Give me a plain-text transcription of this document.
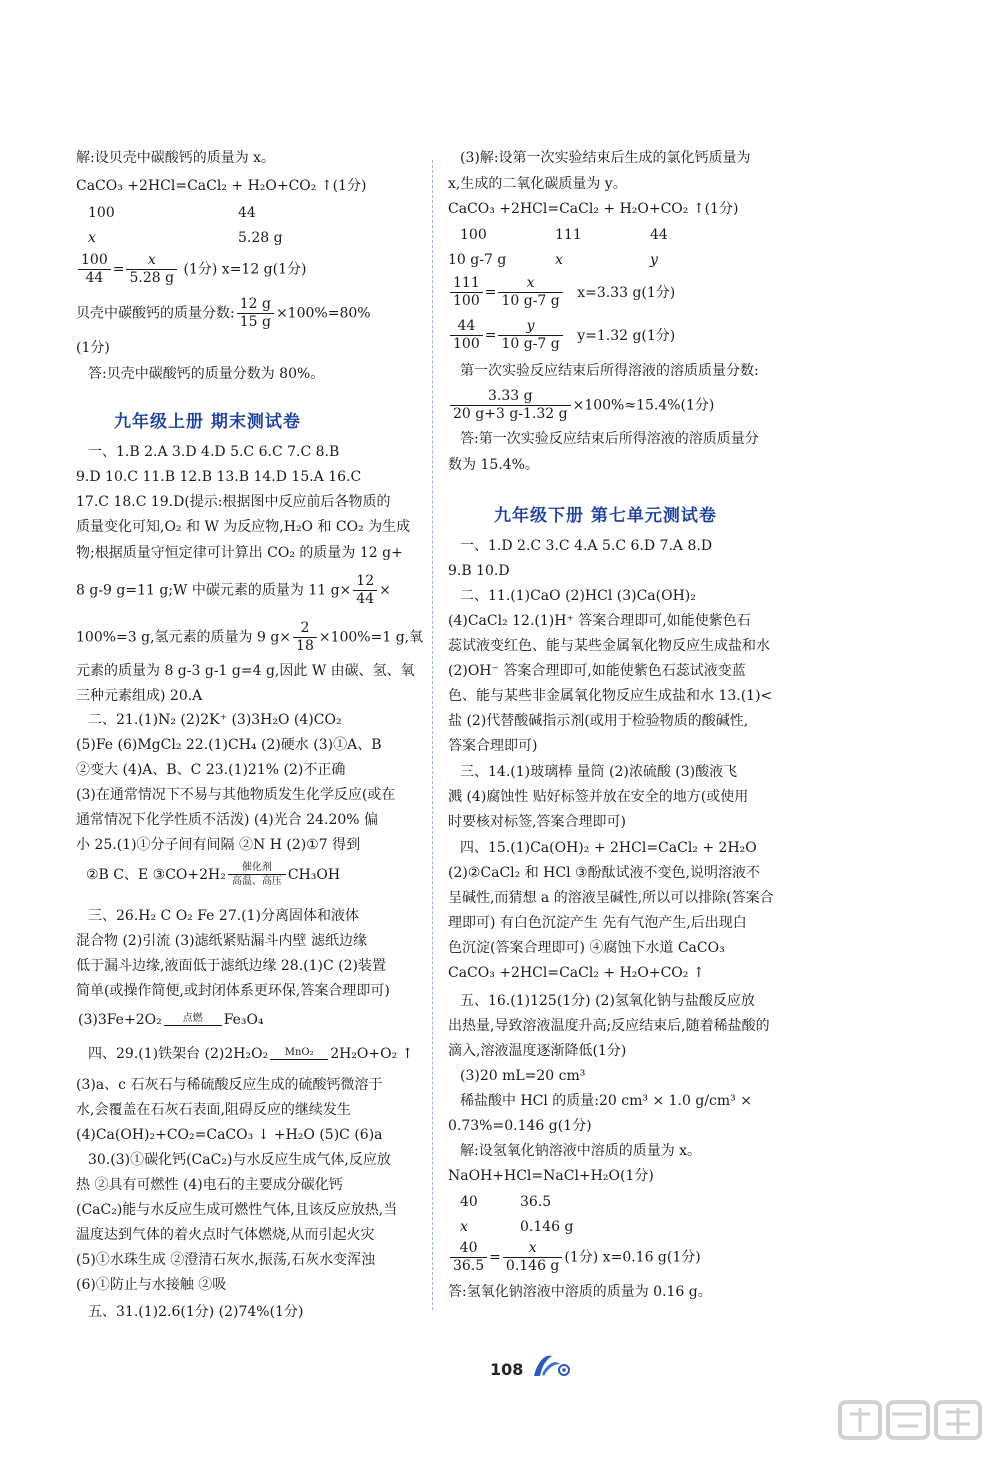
解:设贝壳中碳酸钙的质量为 x。
CaCO₃ +2HCl=CaCl₂ + H₂O+CO₂ ↑(1分)
100	44
x	5.28 g
$\frac{100}{44} = \frac{x}{5.28 g} (1$分) x=12 g(1分)
贝壳中碳酸钙的质量分数: $\frac{12 g}{15 g} \times 100\%=80\%$
(1分)
答:贝壳中碳酸钙的质量分数为 80%。
九年级上册 期末测试卷
一、1.B 2.A 3.D 4.D 5.C 6.C 7.C 8.B
9.D 10.C 11.B 12.B 13.B 14.D 15.A 16.C
17.C 18.C 19.D(提示:根据图中反应前后各物质的
质量变化可知,O₂ 和 W 为反应物,H₂O 和 CO₂ 为生成
物;根据质量守恒定律可计算出 CO₂ 的质量为 12 g+
8 g-9 g=11 g;W 中碳元素的质量为 11 $g\times \frac{12}{44}$ ×
100%=3 g,氢元素的质量为 9 $g\times \frac{2}{18} \times 100\%=1$ g,氧
元素的质量为 8 g-3 g-1 g=4 g,因此 W 由碳、氢、氧
三种元素组成) 20.A
二、21.(1)N₂ (2)2K⁺ (3)3H₂O (4)CO₂
(5)Fe (6)MgCl₂ 22.(1)CH₄ (2)硬水 (3)①A、B
②变大 (4)A、B、C 23.(1)21% (2)不正确
(3)在通常情况下不易与其他物质发生化学反应(或在
通常情况下化学性质不活泼) (4)光合 24.20% 偏
小 25.(1)①分子间有间隔 ②N H (2)①7 得到
②B C、E ③CO+2H₂	催化剂
高温、高压 CH₃OH
三、26.H₂ C O₂ Fe 27.(1)分离固体和液体
混合物 (2)引流 (3)滤纸紧贴漏斗内壁 滤纸边缘
低于漏斗边缘,液面低于滤纸边缘 28.(1)C (2)装置
简单(或操作简便,或封闭体系更环保,答案合理即可)
(3)3Fe+2O₂	点燃	Fe₃O₄
四、29.(1)铁架台 (2)2H₂O₂	MnO₂	2H₂O+O₂ ↑
(3)a、c 石灰石与稀硫酸反应生成的硫酸钙微溶于
水,会覆盖在石灰石表面,阻碍反应的继续发生
(4)Ca(OH)₂+CO₂=CaCO₃ ↓ +H₂O (5)C (6)a
30.(3)①碳化钙(CaC₂)与水反应生成气体,反应放
热 ②具有可燃性 (4)电石的主要成分碳化钙
(CaC₂)能与水反应生成可燃性气体,且该反应放热,当
温度达到气体的着火点时气体燃烧,从而引起火灾
(5)①水珠生成 ②澄清石灰水,振荡,石灰水变浑浊
(6)①防止与水接触 ②吸
五、31.(1)2.6(1分) (2)74%(1分)
(3)解:设第一次实验结束后生成的氯化钙质量为
x,生成的二氧化碳质量为 y。
CaCO₃ +2HCl=CaCl₂ + H₂O+CO₂ ↑(1分)
100	111	44
10 g-7 g	x	y
$\frac{111}{100} = \frac{x}{10 g-7 g} x=3.33$ g(1分)
$\frac{44}{100} = \frac{y}{10 g-7 g} y=1.32$ g(1分)
第一次实验反应结束后所得溶液的溶质质量分数:
$\frac{3.33 g}{20 g+3 g-1.32 g} \times 100\%\approx 15.4\%(1$分)
答:第一次实验反应结束后所得溶液的溶质质量分
数为 15.4%。
九年级下册 第七单元测试卷
一、1.D 2.C 3.C 4.A 5.C 6.D 7.A 8.D
9.B 10.D
二、11.(1)CaO (2)HCl (3)Ca(OH)₂
(4)CaCl₂ 12.(1)H⁺ 答案合理即可,如能使紫色石
蕊试液变红色、能与某些金属氧化物反应生成盐和水
(2)OH⁻ 答案合理即可,如能使紫色石蕊试液变蓝
色、能与某些非金属氧化物反应生成盐和水 13.(1)<
盐 (2)代替酸碱指示剂(或用于检验物质的酸碱性,
答案合理即可)
三、14.(1)玻璃棒 量筒 (2)浓硫酸 (3)酸液飞
溅 (4)腐蚀性 贴好标签并放在安全的地方(或使用
时要核对标签,答案合理即可)
四、15.(1)Ca(OH)₂ + 2HCl=CaCl₂ + 2H₂O
(2)②CaCl₂ 和 HCl ③酚酞试液不变色,说明溶液不
呈碱性,而猜想 a 的溶液呈碱性,所以可以排除(答案合
理即可) 有白色沉淀产生 先有气泡产生,后出现白
色沉淀(答案合理即可) ④腐蚀下水道 CaCO₃
CaCO₃ +2HCl=CaCl₂ + H₂O+CO₂ ↑
五、16.(1)125(1分) (2)氢氧化钠与盐酸反应放
出热量,导致溶液温度升高;反应结束后,随着稀盐酸的
滴入,溶液温度逐渐降低(1分)
(3)20 mL=20 cm³
稀盐酸中 HCl 的质量:20 cm³ × 1.0 g/cm³ ×
0.73%=0.146 g(1分)
解:设氢氧化钠溶液中溶质的质量为 x。
NaOH+HCl=NaCl+H₂O(1分)
40	36.5
x	0.146 g
$\frac{40}{36.5} = \frac{x}{0.146 g} (1$分) x=0.16 g(1分)
答:氢氧化钠溶液中溶质的质量为 0.16 g。
108
